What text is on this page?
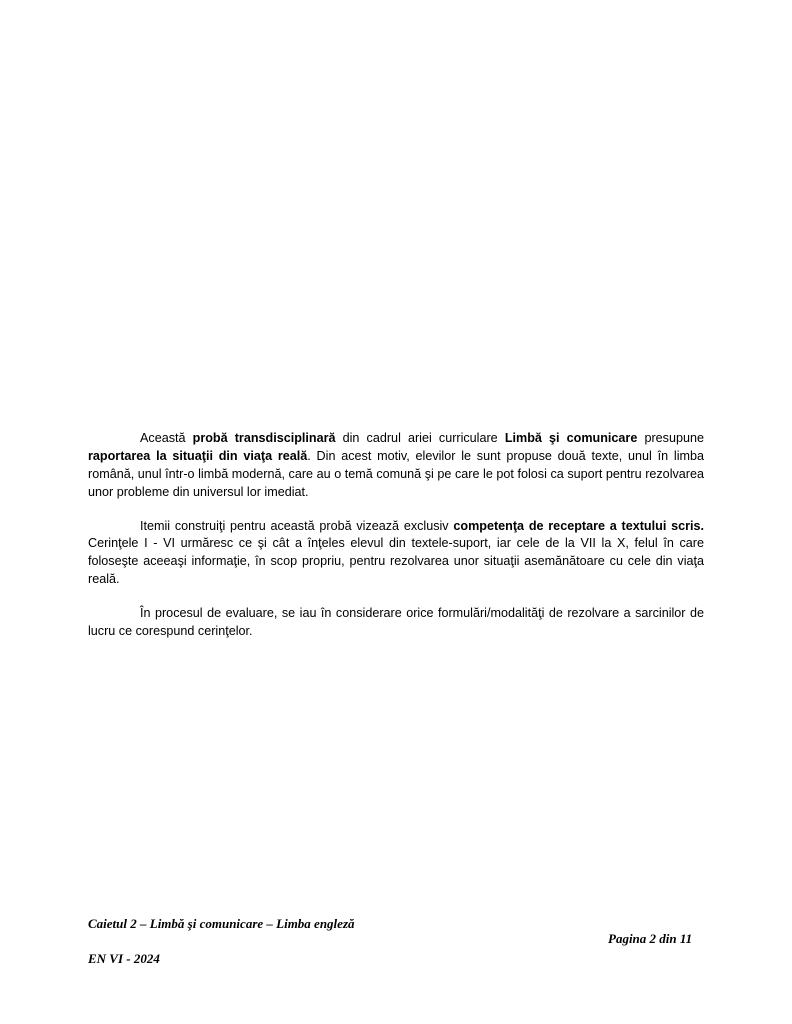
Această probă transdisciplinară din cadrul ariei curriculare Limbă şi comunicare presupune raportarea la situaţii din viaţa reală. Din acest motiv, elevilor le sunt propuse două texte, unul în limba română, unul într-o limbă modernă, care au o temă comună şi pe care le pot folosi ca suport pentru rezolvarea unor probleme din universul lor imediat.

Itemii construiţi pentru această probă vizează exclusiv competenţa de receptare a textului scris. Cerinţele I - VI urmăresc ce şi cât a înţeles elevul din textele-suport, iar cele de la VII la X, felul în care foloseşte aceeaşi informaţie, în scop propriu, pentru rezolvarea unor situaţii asemănătoare cu cele din viaţa reală.

În procesul de evaluare, se iau în considerare orice formulări/modalităţi de rezolvare a sarcinilor de lucru ce corespund cerinţelor.

Caietul 2 – Limbă şi comunicare – Limba engleză
Pagina 2 din 11
EN VI - 2024
